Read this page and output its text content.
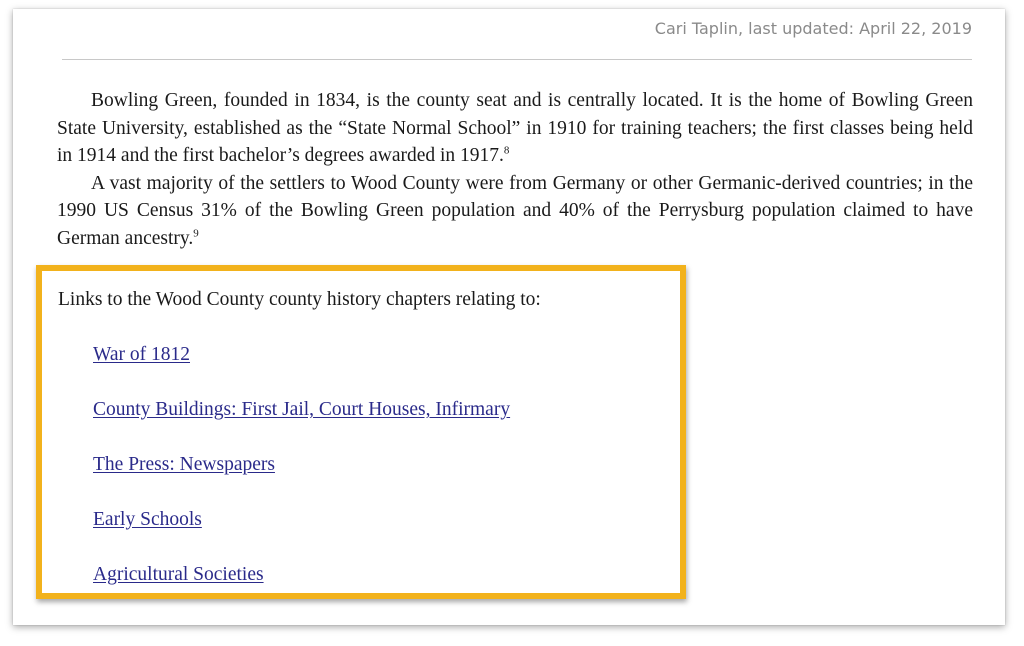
Cari Taplin, last updated: April 22, 2019

Bowling Green, founded in 1834, is the county seat and is centrally located. It is the home of Bowling Green State University, established as the “State Normal School” in 1910 for training teachers; the first classes being held in 1914 and the first bachelor’s degrees awarded in 1917.$^8$

A vast majority of the settlers to Wood County were from Germany or other Germanic-derived countries; in the 1990 US Census 31% of the Bowling Green population and 40% of the Perrysburg population claimed to have German ancestry.$^9$

Links to the Wood County county history chapters relating to:
War of 1812
County Buildings: First Jail, Court Houses, Infirmary
The Press: Newspapers
Early Schools
Agricultural Societies
